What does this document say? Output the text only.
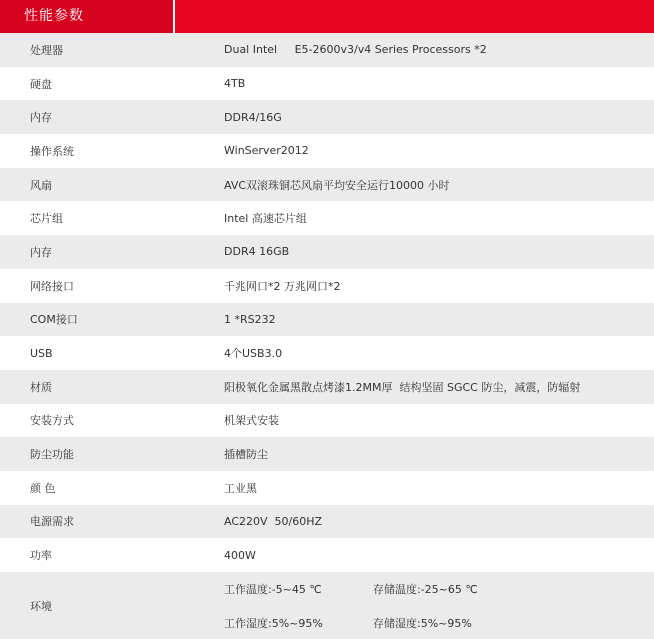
性能参数
处理器	Dual Intel     E5-2600v3/v4 Series Processors *2
硬盘	4TB
内存	DDR4/16G
操作系统	WinServer2012
风扇	AVC双滚珠铜芯风扇平均安全运行10000 小时
芯片组	Intel 高速芯片组
内存	DDR4 16GB
网络接口	千兆网口*2 万兆网口*2
COM接口	1 *RS232
USB	4个USB3.0
材质	阳极氧化金属黑散点烤漆1.2MM厚  结构坚固 SGCC 防尘，减震，防辐射
安装方式	机架式安装
防尘功能	插槽防尘
颜 色	工业黑
电源需求	AC220V  50/60HZ
功率	400W
环境
工作温度:-5~45 ℃	存储温度:-25~65 ℃
工作湿度:5%~95%	存储湿度:5%~95%
